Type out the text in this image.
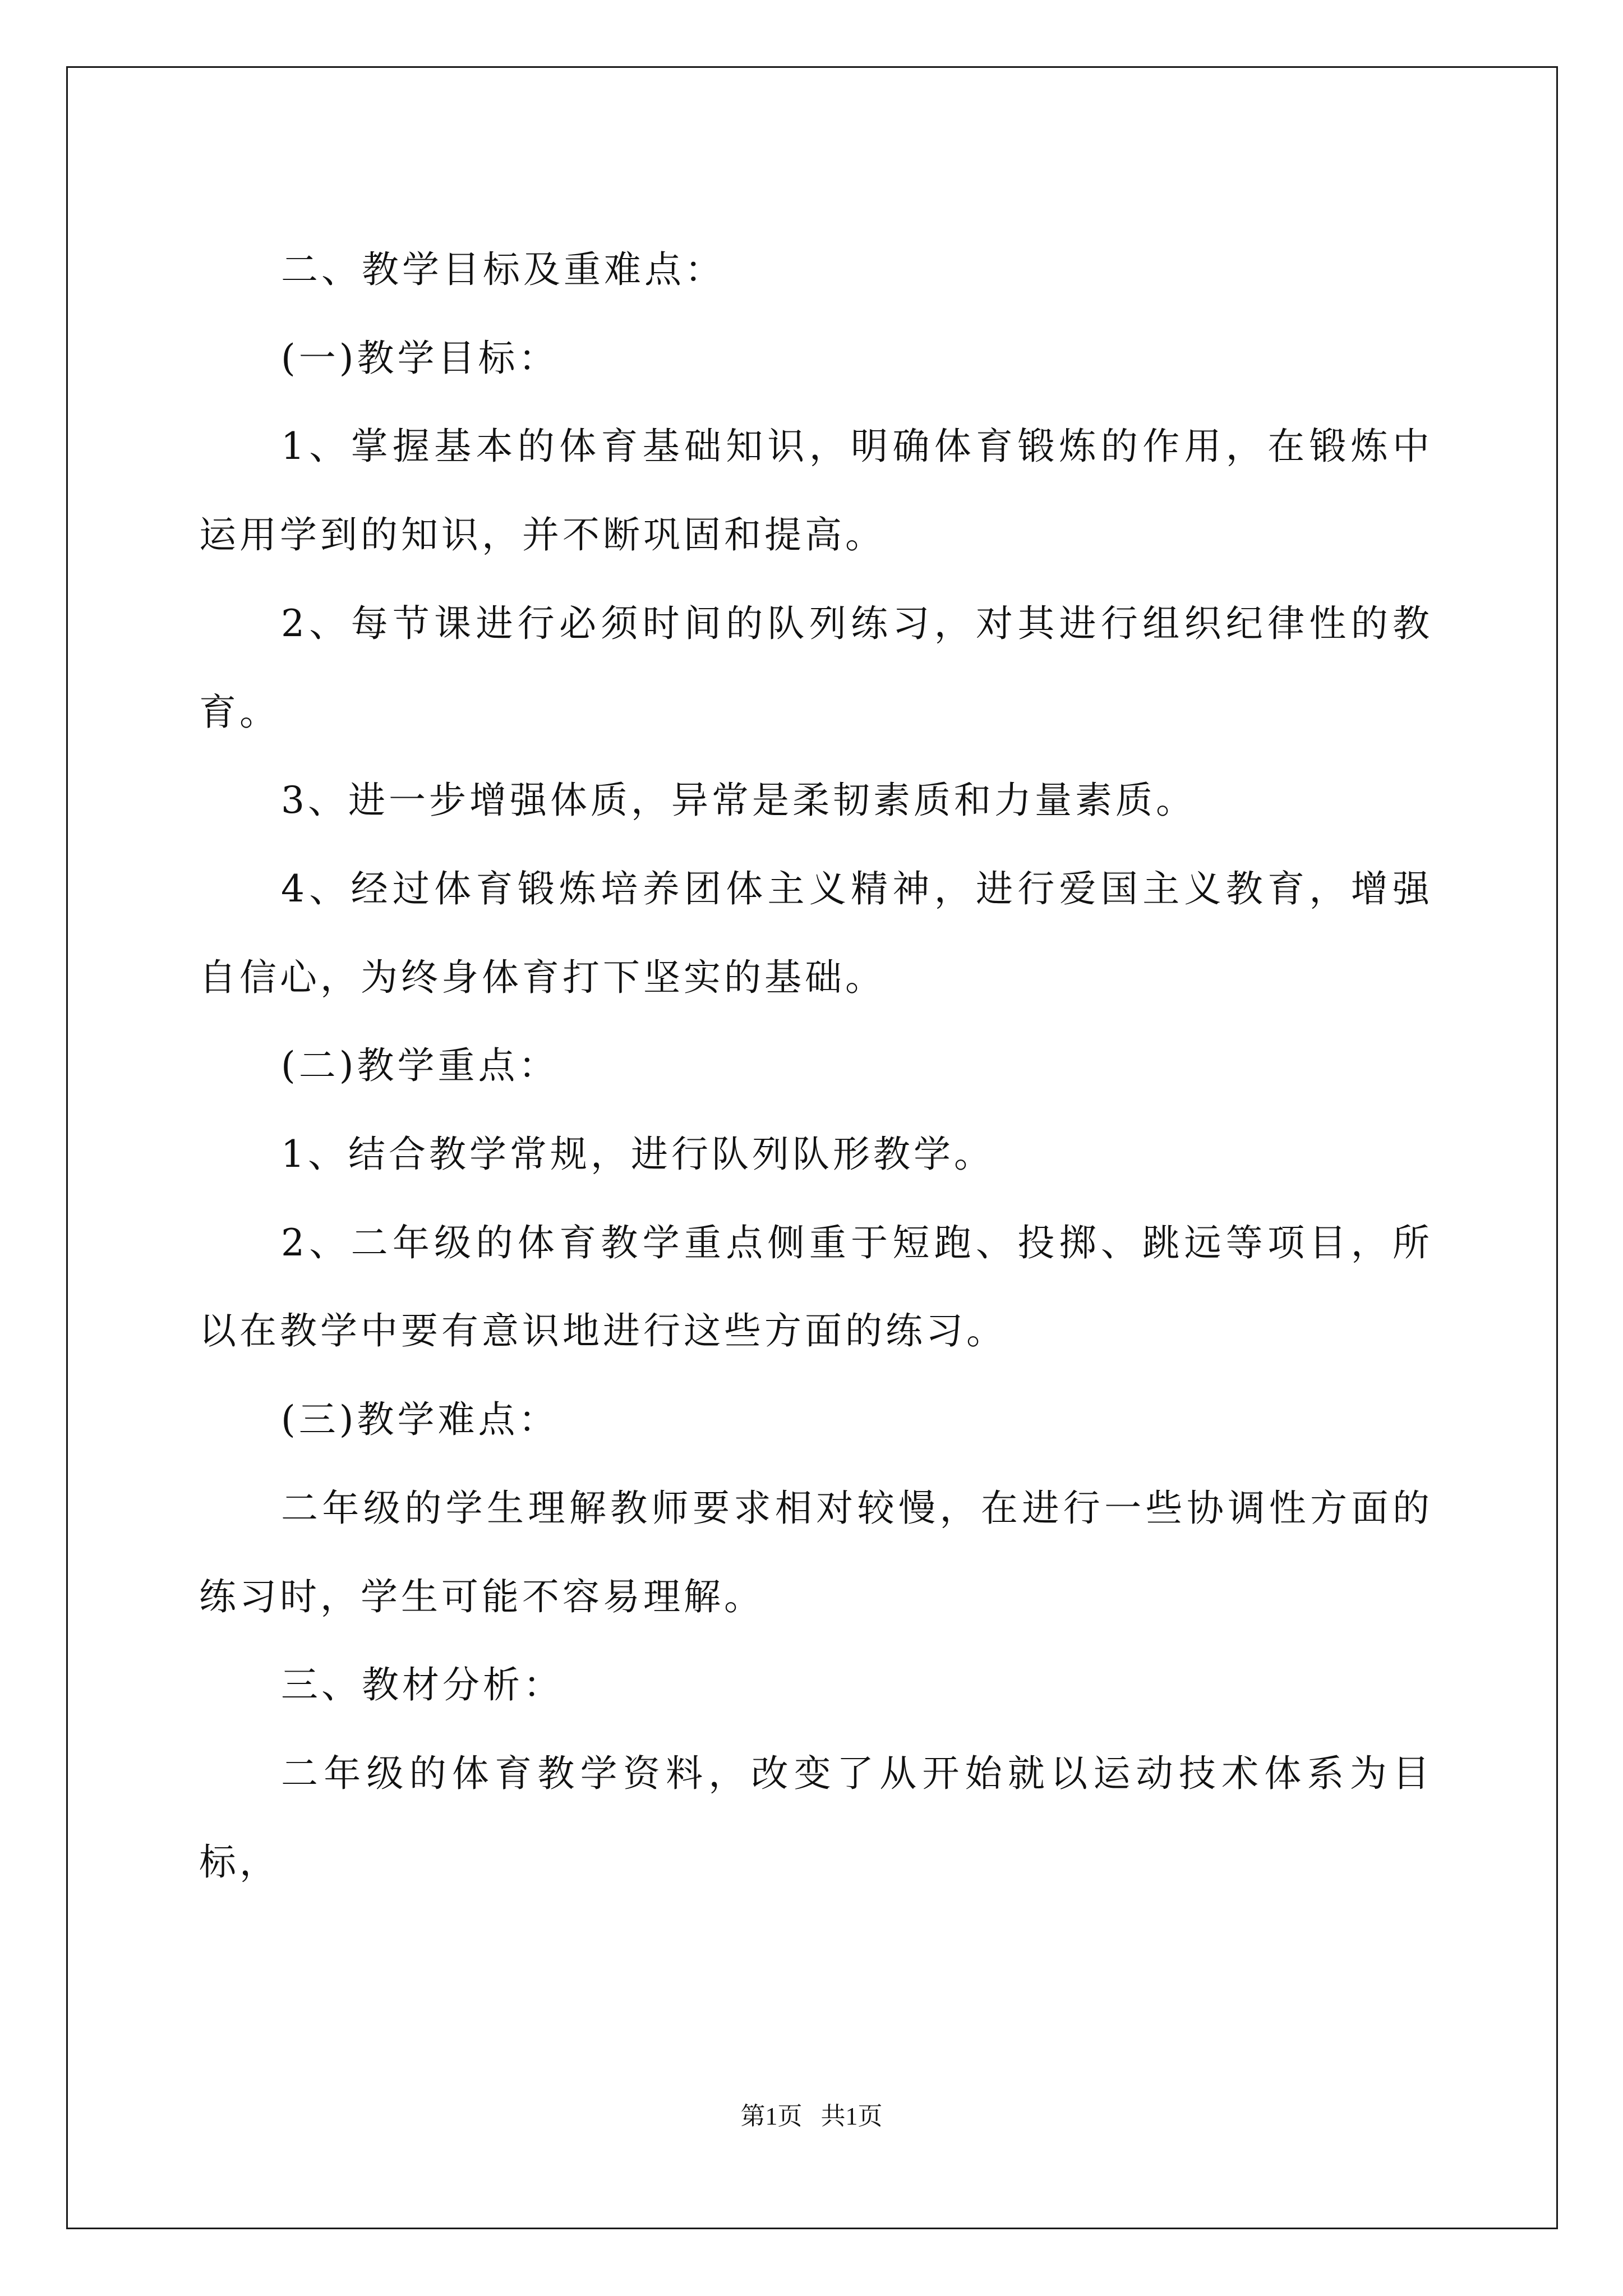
二、教学目标及重难点：

(一)教学目标：

1、掌握基本的体育基础知识，明确体育锻炼的作用，在锻炼中运用学到的知识，并不断巩固和提高。

2、每节课进行必须时间的队列练习，对其进行组织纪律性的教育。

3、进一步增强体质，异常是柔韧素质和力量素质。

4、经过体育锻炼培养团体主义精神，进行爱国主义教育，增强自信心，为终身体育打下坚实的基础。

(二)教学重点：

1、结合教学常规，进行队列队形教学。

2、二年级的体育教学重点侧重于短跑、投掷、跳远等项目，所以在教学中要有意识地进行这些方面的练习。

(三)教学难点：

二年级的学生理解教师要求相对较慢，在进行一些协调性方面的练习时，学生可能不容易理解。

三、教材分析：

二年级的体育教学资料，改变了从开始就以运动技术体系为目标，

第1页   共1页
